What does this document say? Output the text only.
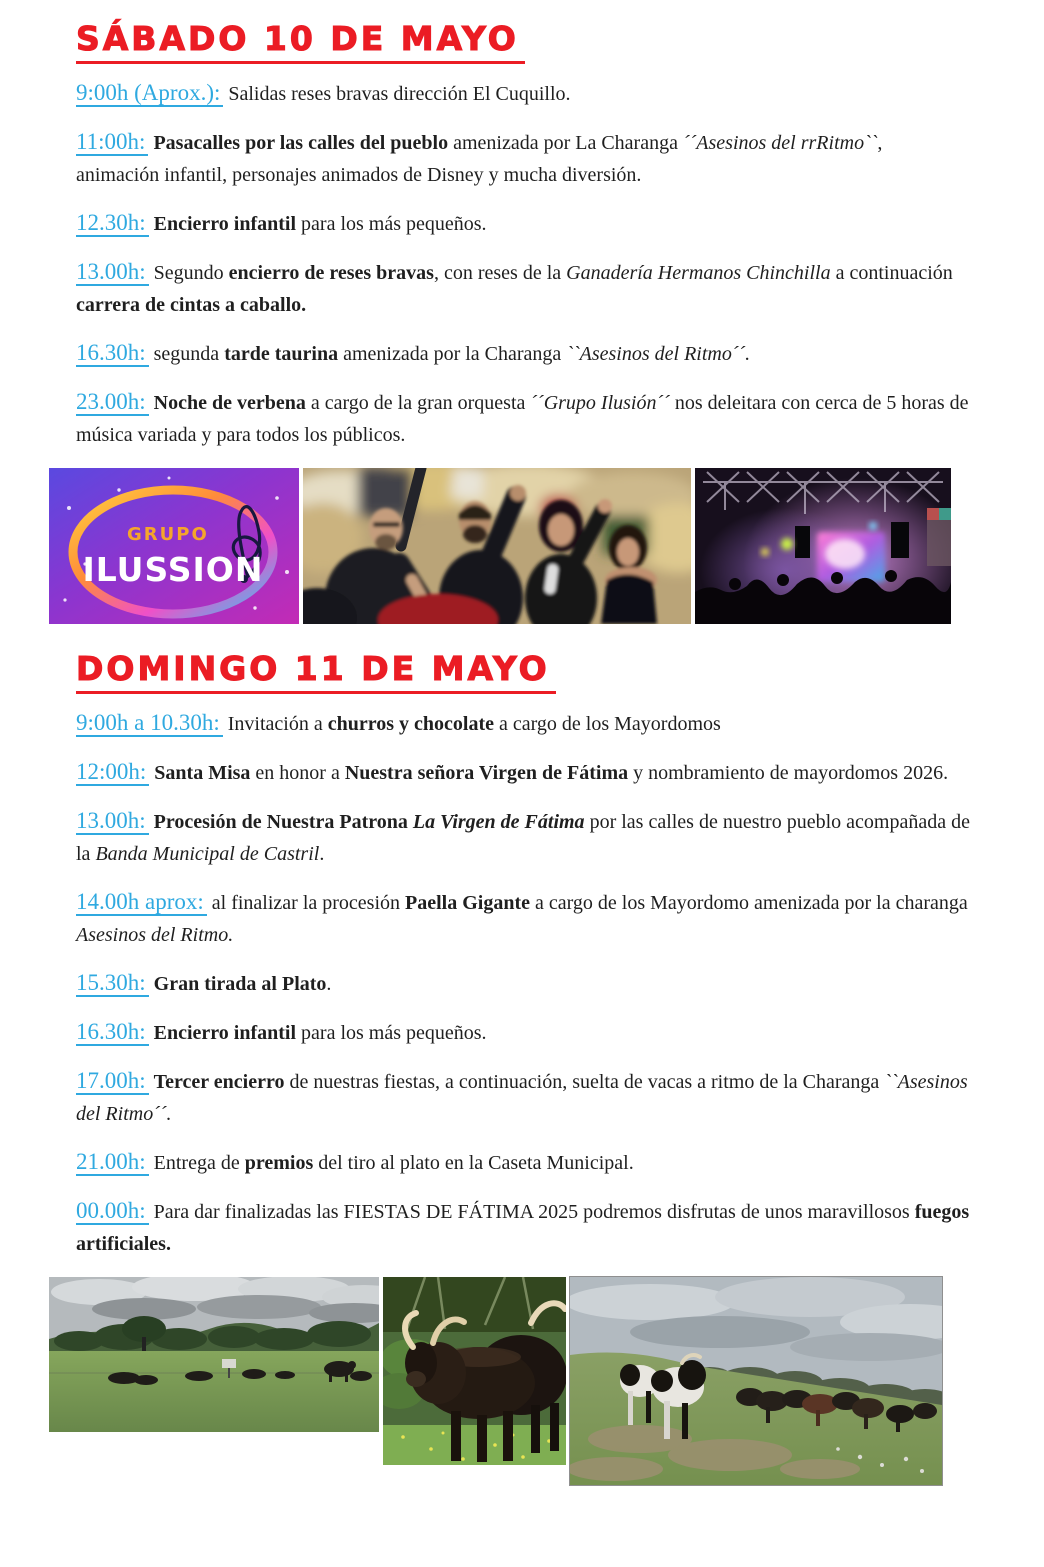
SÁBADO 10 DE MAYO

9:00h (Aprox.): Salidas reses bravas dirección El Cuquillo.

11:00h: Pasacalles por las calles del pueblo amenizada por La Charanga ´´Asesinos del rrRitmo``, animación infantil, personajes animados de Disney y mucha diversión.

12.30h: Encierro infantil para los más pequeños.

13.00h: Segundo encierro de reses bravas, con reses de la Ganadería Hermanos Chinchilla a continuación carrera de cintas a caballo.

16.30h: segunda tarde taurina amenizada por la Charanga ``Asesinos del Ritmo´´.

23.00h: Noche de verbena a cargo de la gran orquesta ´´Grupo Ilusión´´ nos deleitara con cerca de 5 horas de música variada y para todos los públicos.

GRUPO
ILUSSION
DOMINGO 11 DE MAYO

9:00h a 10.30h: Invitación a churros y chocolate a cargo de los Mayordomos

12:00h: Santa Misa en honor a Nuestra señora Virgen de Fátima y nombramiento de mayordomos 2026.

13.00h: Procesión de Nuestra Patrona La Virgen de Fátima por las calles de nuestro pueblo acompañada de la Banda Municipal de Castril.

14.00h aprox: al finalizar la procesión Paella Gigante a cargo de los Mayordomo amenizada por la charanga Asesinos del Ritmo.

15.30h: Gran tirada al Plato.

16.30h: Encierro infantil para los más pequeños.

17.00h: Tercer encierro de nuestras fiestas, a continuación, suelta de vacas a ritmo de la Charanga ``Asesinos del Ritmo´´.

21.00h: Entrega de premios del tiro al plato en la Caseta Municipal.

00.00h: Para dar finalizadas las FIESTAS DE FÁTIMA 2025 podremos disfrutas de unos maravillosos fuegos artificiales.
